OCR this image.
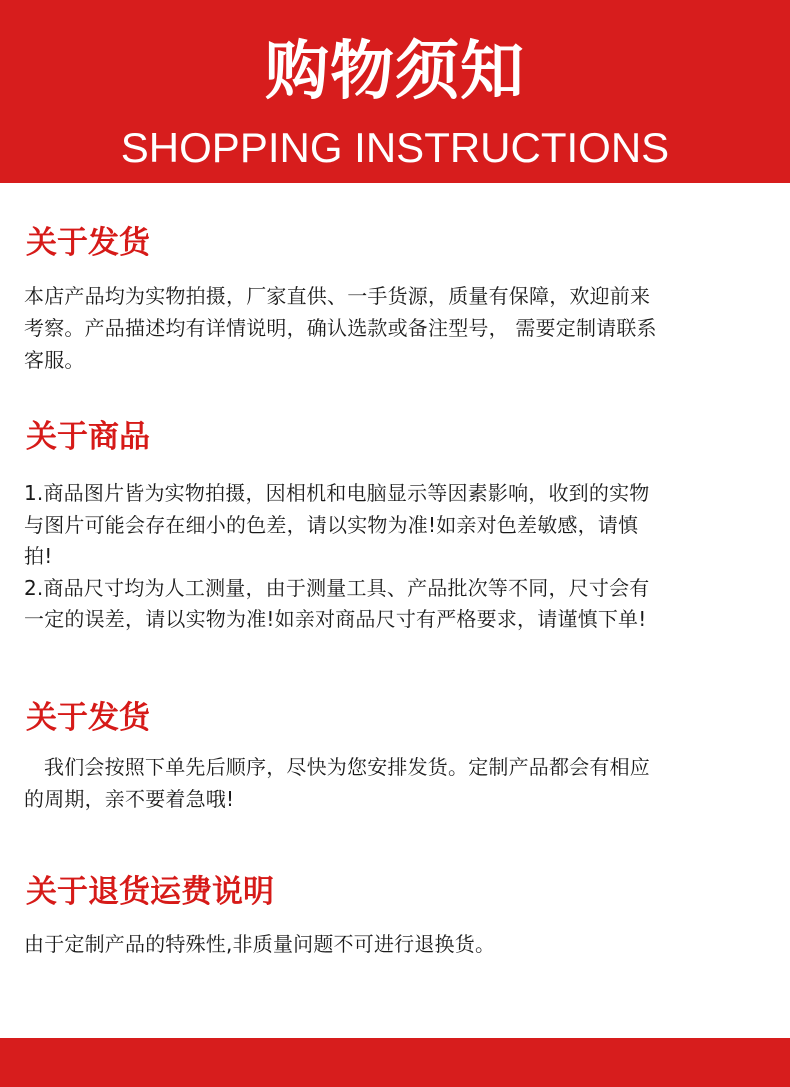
购物须知
SHOPPING INSTRUCTIONS
关于发货
本店产品均为实物拍摄，厂家直供、一手货源，质量有保障，欢迎前来
考察。产品描述均有详情说明，确认选款或备注型号， 需要定制请联系
客服。
关于商品
1.商品图片皆为实物拍摄，因相机和电脑显示等因素影响，收到的实物
与图片可能会存在细小的色差，请以实物为准!如亲对色差敏感，请慎
拍!
2.商品尺寸均为人工测量，由于测量工具、产品批次等不同，尺寸会有
一定的误差，请以实物为准!如亲对商品尺寸有严格要求，请谨慎下单!
关于发货
我们会按照下单先后顺序，尽快为您安排发货。定制产品都会有相应
的周期，亲不要着急哦!
关于退货运费说明
由于定制产品的特殊性,非质量问题不可进行退换货。
